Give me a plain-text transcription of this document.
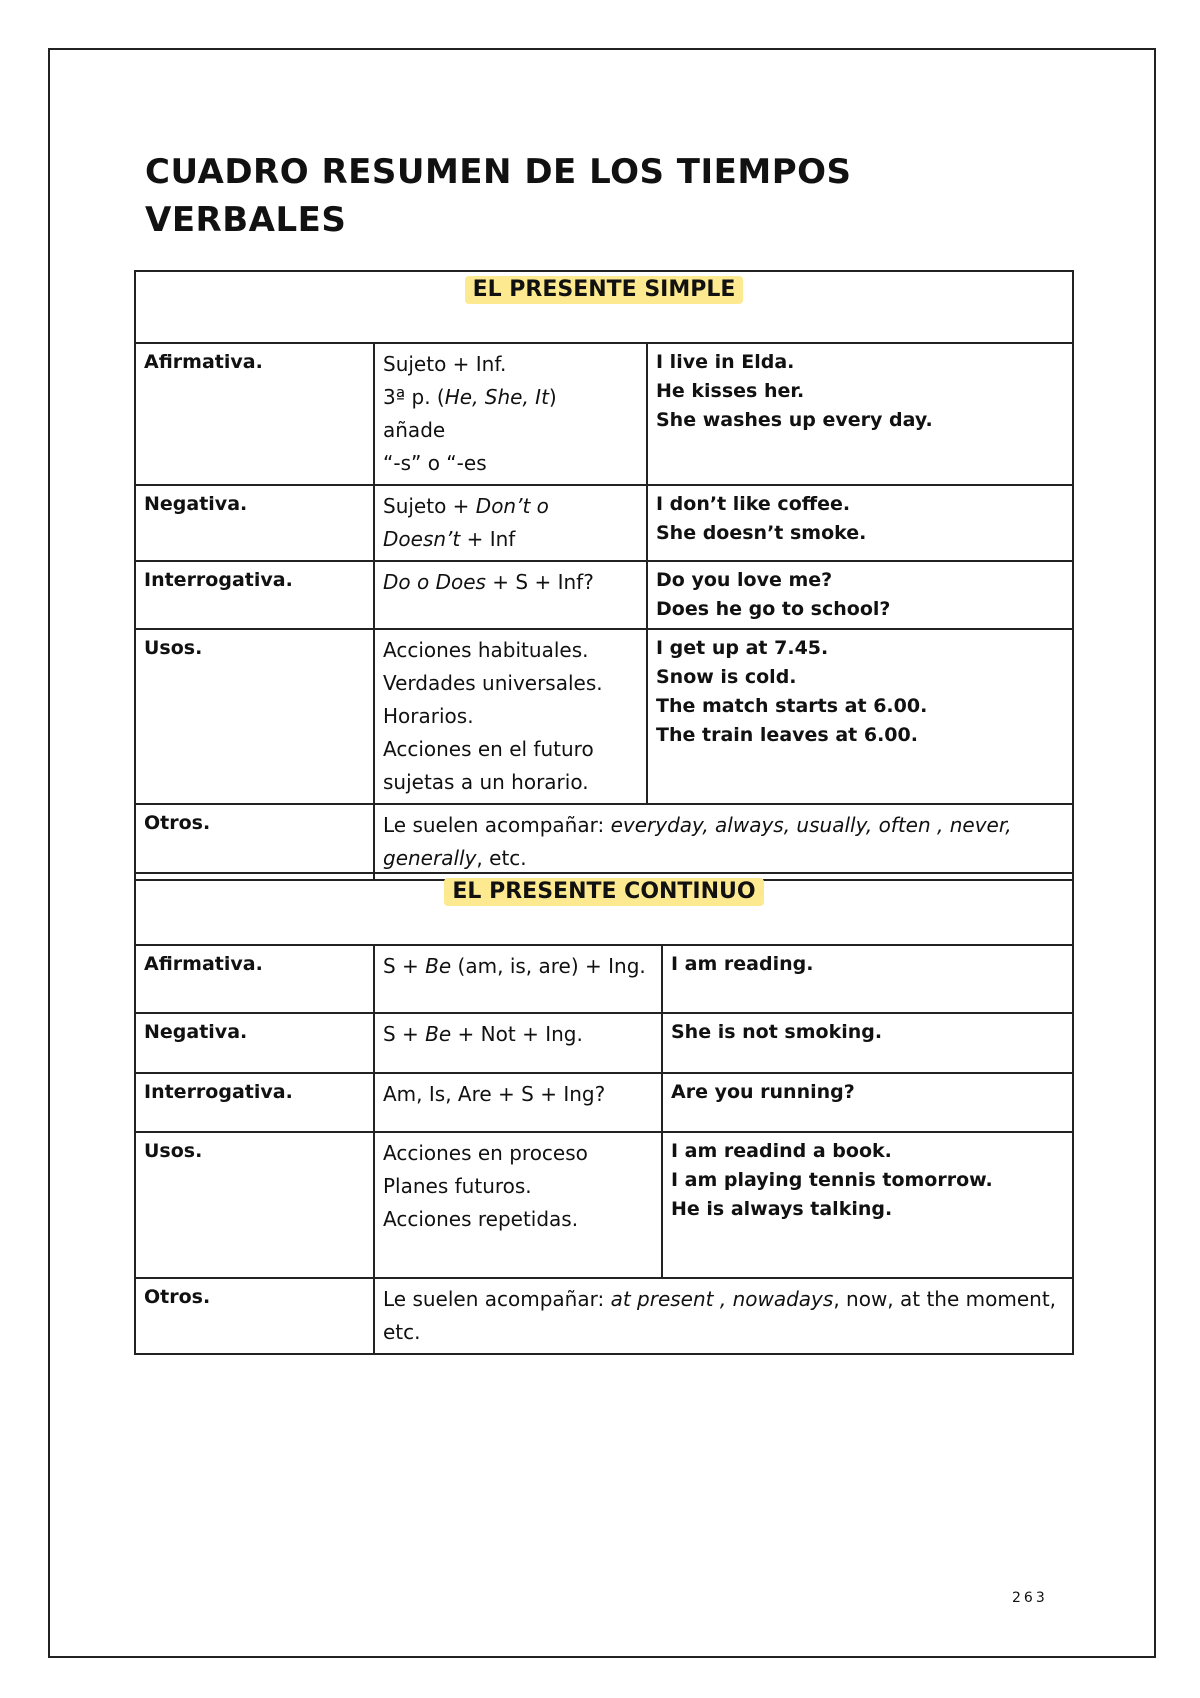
CUADRO RESUMEN DE LOS TIEMPOS
VERBALES
EL PRESENTE SIMPLE		
Afirmativa.	Sujeto + Inf.
3ª p. (He, She, It)
añade
“-s” o “-es	I live in Elda.
He kisses her.
She washes up every day.

Negativa.	Sujeto + Don’t o
Doesn’t + Inf	I don’t like coffee.
She doesn’t smoke.

Interrogativa.	Do o Does + S + Inf?	Do you love me?
Does he go to school?

Usos.	Acciones habituales.
Verdades universales.
Horarios.
Acciones en el futuro
sujetas a un horario.	I get up at 7.45.
Snow is cold.
The match starts at 6.00.
The train leaves at 6.00.

Otros.	Le suelen acompañar: everyday, always, usually, often , never, generally, etc.	
EL PRESENTE CONTINUO		
Afirmativa.	S + Be (am, is, are) + Ing.	I am reading.

Negativa.	S + Be + Not + Ing.	She is not smoking.

Interrogativa.	Am, Is, Are + S + Ing?	Are you running?

Usos.	Acciones en proceso
Planes futuros.
Acciones repetidas.	I am readind a book.
I am playing tennis tomorrow.
He is always talking.

Otros.	Le suelen acompañar: at present , nowadays, now, at the moment, etc.	
263
